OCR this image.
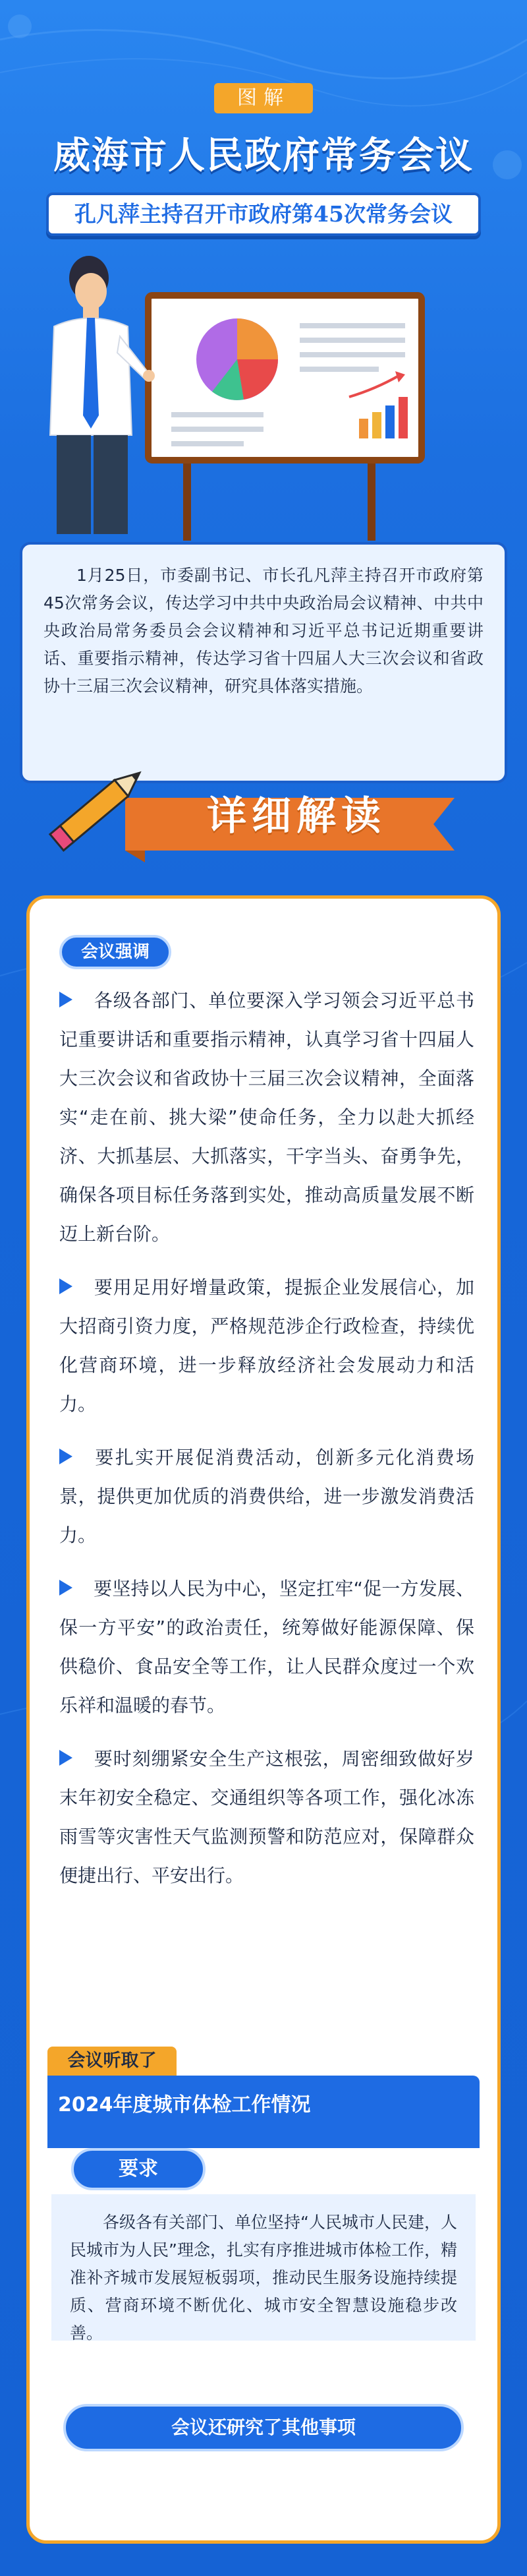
图解
威海市人民政府常务会议
孔凡萍主持召开市政府第45次常务会议

1月25日，市委副书记、市长孔凡萍主持召开市政府第45次常务会议，传达学习中共中央政治局会议精神、中共中央政治局常务委员会会议精神和习近平总书记近期重要讲话、重要指示精神，传达学习省十四届人大三次会议和省政协十三届三次会议精神，研究具体落实措施。

详细解读
会议强调

各级各部门、单位要深入学习领会习近平总书记重要讲话和重要指示精神，认真学习省十四届人大三次会议和省政协十三届三次会议精神，全面落实“走在前、挑大梁”使命任务，全力以赴大抓经济、大抓基层、大抓落实，干字当头、奋勇争先，确保各项目标任务落到实处，推动高质量发展不断迈上新台阶。

要用足用好增量政策，提振企业发展信心，加大招商引资力度，严格规范涉企行政检查，持续优化营商环境，进一步释放经济社会发展动力和活力。

要扎实开展促消费活动，创新多元化消费场景，提供更加优质的消费供给，进一步激发消费活力。

要坚持以人民为中心，坚定扛牢“促一方发展、保一方平安”的政治责任，统筹做好能源保障、保供稳价、食品安全等工作，让人民群众度过一个欢乐祥和温暖的春节。

要时刻绷紧安全生产这根弦，周密细致做好岁末年初安全稳定、交通组织等各项工作，强化冰冻雨雪等灾害性天气监测预警和防范应对，保障群众便捷出行、平安出行。

会议听取了
2024年度城市体检工作情况

各级各有关部门、单位坚持“人民城市人民建，人民城市为人民”理念，扎实有序推进城市体检工作，精准补齐城市发展短板弱项，推动民生服务设施持续提质、营商环境不断优化、城市安全智慧设施稳步改善。

要求
会议还研究了其他事项
